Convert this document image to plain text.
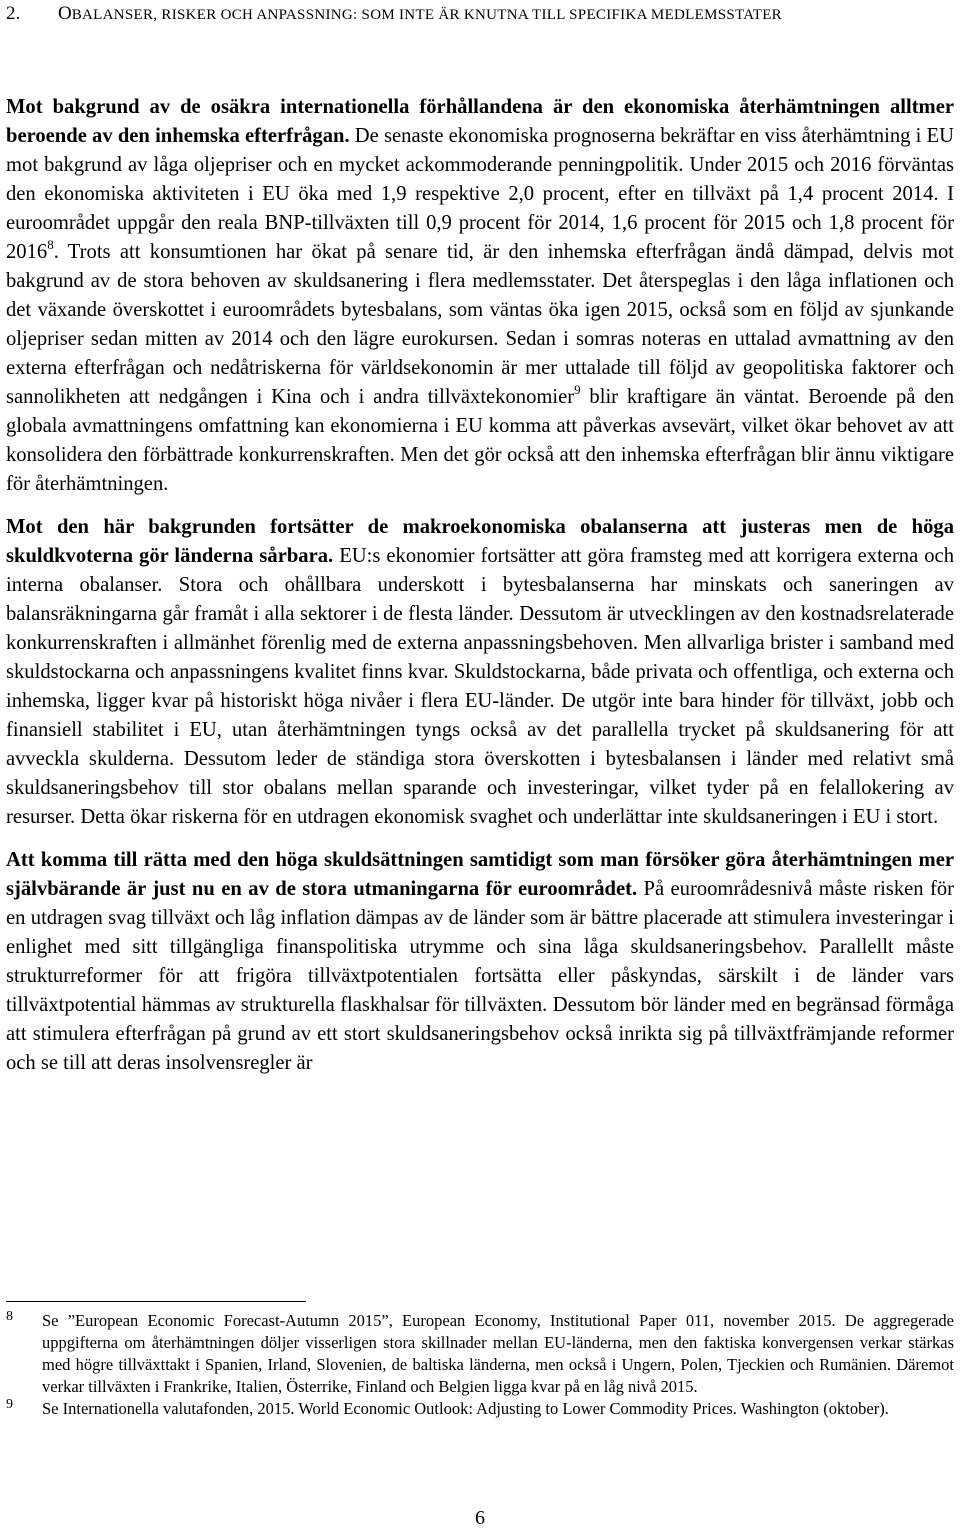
2. OBALANSER, RISKER OCH ANPASSNING: SOM INTE ÄR KNUTNA TILL SPECIFIKA MEDLEMSSTATER

Mot bakgrund av de osäkra internationella förhållandena är den ekonomiska återhämtningen alltmer beroende av den inhemska efterfrågan. De senaste ekonomiska prognoserna bekräftar en viss återhämtning i EU mot bakgrund av låga oljepriser och en mycket ackommoderande penningpolitik. Under 2015 och 2016 förväntas den ekonomiska aktiviteten i EU öka med 1,9 respektive 2,0 procent, efter en tillväxt på 1,4 procent 2014. I euroområdet uppgår den reala BNP-tillväxten till 0,9 procent för 2014, 1,6 procent för 2015 och 1,8 procent för 2016$^8$. Trots att konsumtionen har ökat på senare tid, är den inhemska efterfrågan ändå dämpad, delvis mot bakgrund av de stora behoven av skuldsanering i flera medlemsstater. Det återspeglas i den låga inflationen och det växande överskottet i euroområdets bytesbalans, som väntas öka igen 2015, också som en följd av sjunkande oljepriser sedan mitten av 2014 och den lägre eurokursen. Sedan i somras noteras en uttalad avmattning av den externa efterfrågan och nedåtriskerna för världsekonomin är mer uttalade till följd av geopolitiska faktorer och sannolikheten att nedgången i Kina och i andra tillväxtekonomier$^9$ blir kraftigare än väntat. Beroende på den globala avmattningens omfattning kan ekonomierna i EU komma att påverkas avsevärt, vilket ökar behovet av att konsolidera den förbättrade konkurrenskraften. Men det gör också att den inhemska efterfrågan blir ännu viktigare för återhämtningen.

Mot den här bakgrunden fortsätter de makroekonomiska obalanserna att justeras men de höga skuldkvoterna gör länderna sårbara. EU:s ekonomier fortsätter att göra framsteg med att korrigera externa och interna obalanser. Stora och ohållbara underskott i bytesbalanserna har minskats och saneringen av balansräkningarna går framåt i alla sektorer i de flesta länder. Dessutom är utvecklingen av den kostnadsrelaterade konkurrenskraften i allmänhet förenlig med de externa anpassningsbehoven. Men allvarliga brister i samband med skuldstockarna och anpassningens kvalitet finns kvar. Skuldstockarna, både privata och offentliga, och externa och inhemska, ligger kvar på historiskt höga nivåer i flera EU-länder. De utgör inte bara hinder för tillväxt, jobb och finansiell stabilitet i EU, utan återhämtningen tyngs också av det parallella trycket på skuldsanering för att avveckla skulderna. Dessutom leder de ständiga stora överskotten i bytesbalansen i länder med relativt små skuldsaneringsbehov till stor obalans mellan sparande och investeringar, vilket tyder på en felallokering av resurser. Detta ökar riskerna för en utdragen ekonomisk svaghet och underlättar inte skuldsaneringen i EU i stort.

Att komma till rätta med den höga skuldsättningen samtidigt som man försöker göra återhämtningen mer självbärande är just nu en av de stora utmaningarna för euroområdet. På euroområdesnivå måste risken för en utdragen svag tillväxt och låg inflation dämpas av de länder som är bättre placerade att stimulera investeringar i enlighet med sitt tillgängliga finanspolitiska utrymme och sina låga skuldsaneringsbehov. Parallellt måste strukturreformer för att frigöra tillväxtpotentialen fortsätta eller påskyndas, särskilt i de länder vars tillväxtpotential hämmas av strukturella flaskhalsar för tillväxten. Dessutom bör länder med en begränsad förmåga att stimulera efterfrågan på grund av ett stort skuldsaneringsbehov också inrikta sig på tillväxtfrämjande reformer och se till att deras insolvensregler är

8 Se ”European Economic Forecast-Autumn 2015”, European Economy, Institutional Paper 011, november 2015. De aggregerade uppgifterna om återhämtningen döljer visserligen stora skillnader mellan EU-länderna, men den faktiska konvergensen verkar stärkas med högre tillväxttakt i Spanien, Irland, Slovenien, de baltiska länderna, men också i Ungern, Polen, Tjeckien och Rumänien. Däremot verkar tillväxten i Frankrike, Italien, Österrike, Finland och Belgien ligga kvar på en låg nivå 2015.
9 Se Internationella valutafonden, 2015. World Economic Outlook: Adjusting to Lower Commodity Prices. Washington (oktober).
6
